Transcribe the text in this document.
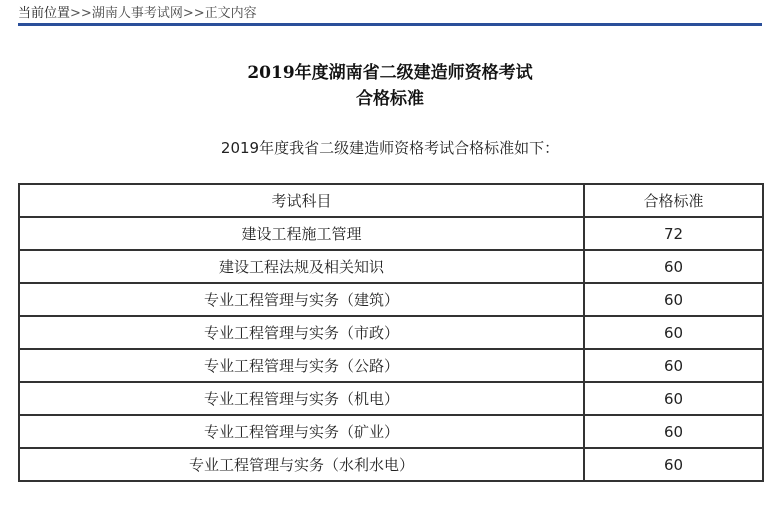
当前位置>>湖南人事考试网>>正文内容
2019年度湖南省二级建造师资格考试
合格标准
2019年度我省二级建造师资格考试合格标准如下：
考试科目	合格标准
建设工程施工管理	72
建设工程法规及相关知识	60
专业工程管理与实务（建筑）	60
专业工程管理与实务（市政）	60
专业工程管理与实务（公路）	60
专业工程管理与实务（机电）	60
专业工程管理与实务（矿业）	60
专业工程管理与实务（水利水电）	60
